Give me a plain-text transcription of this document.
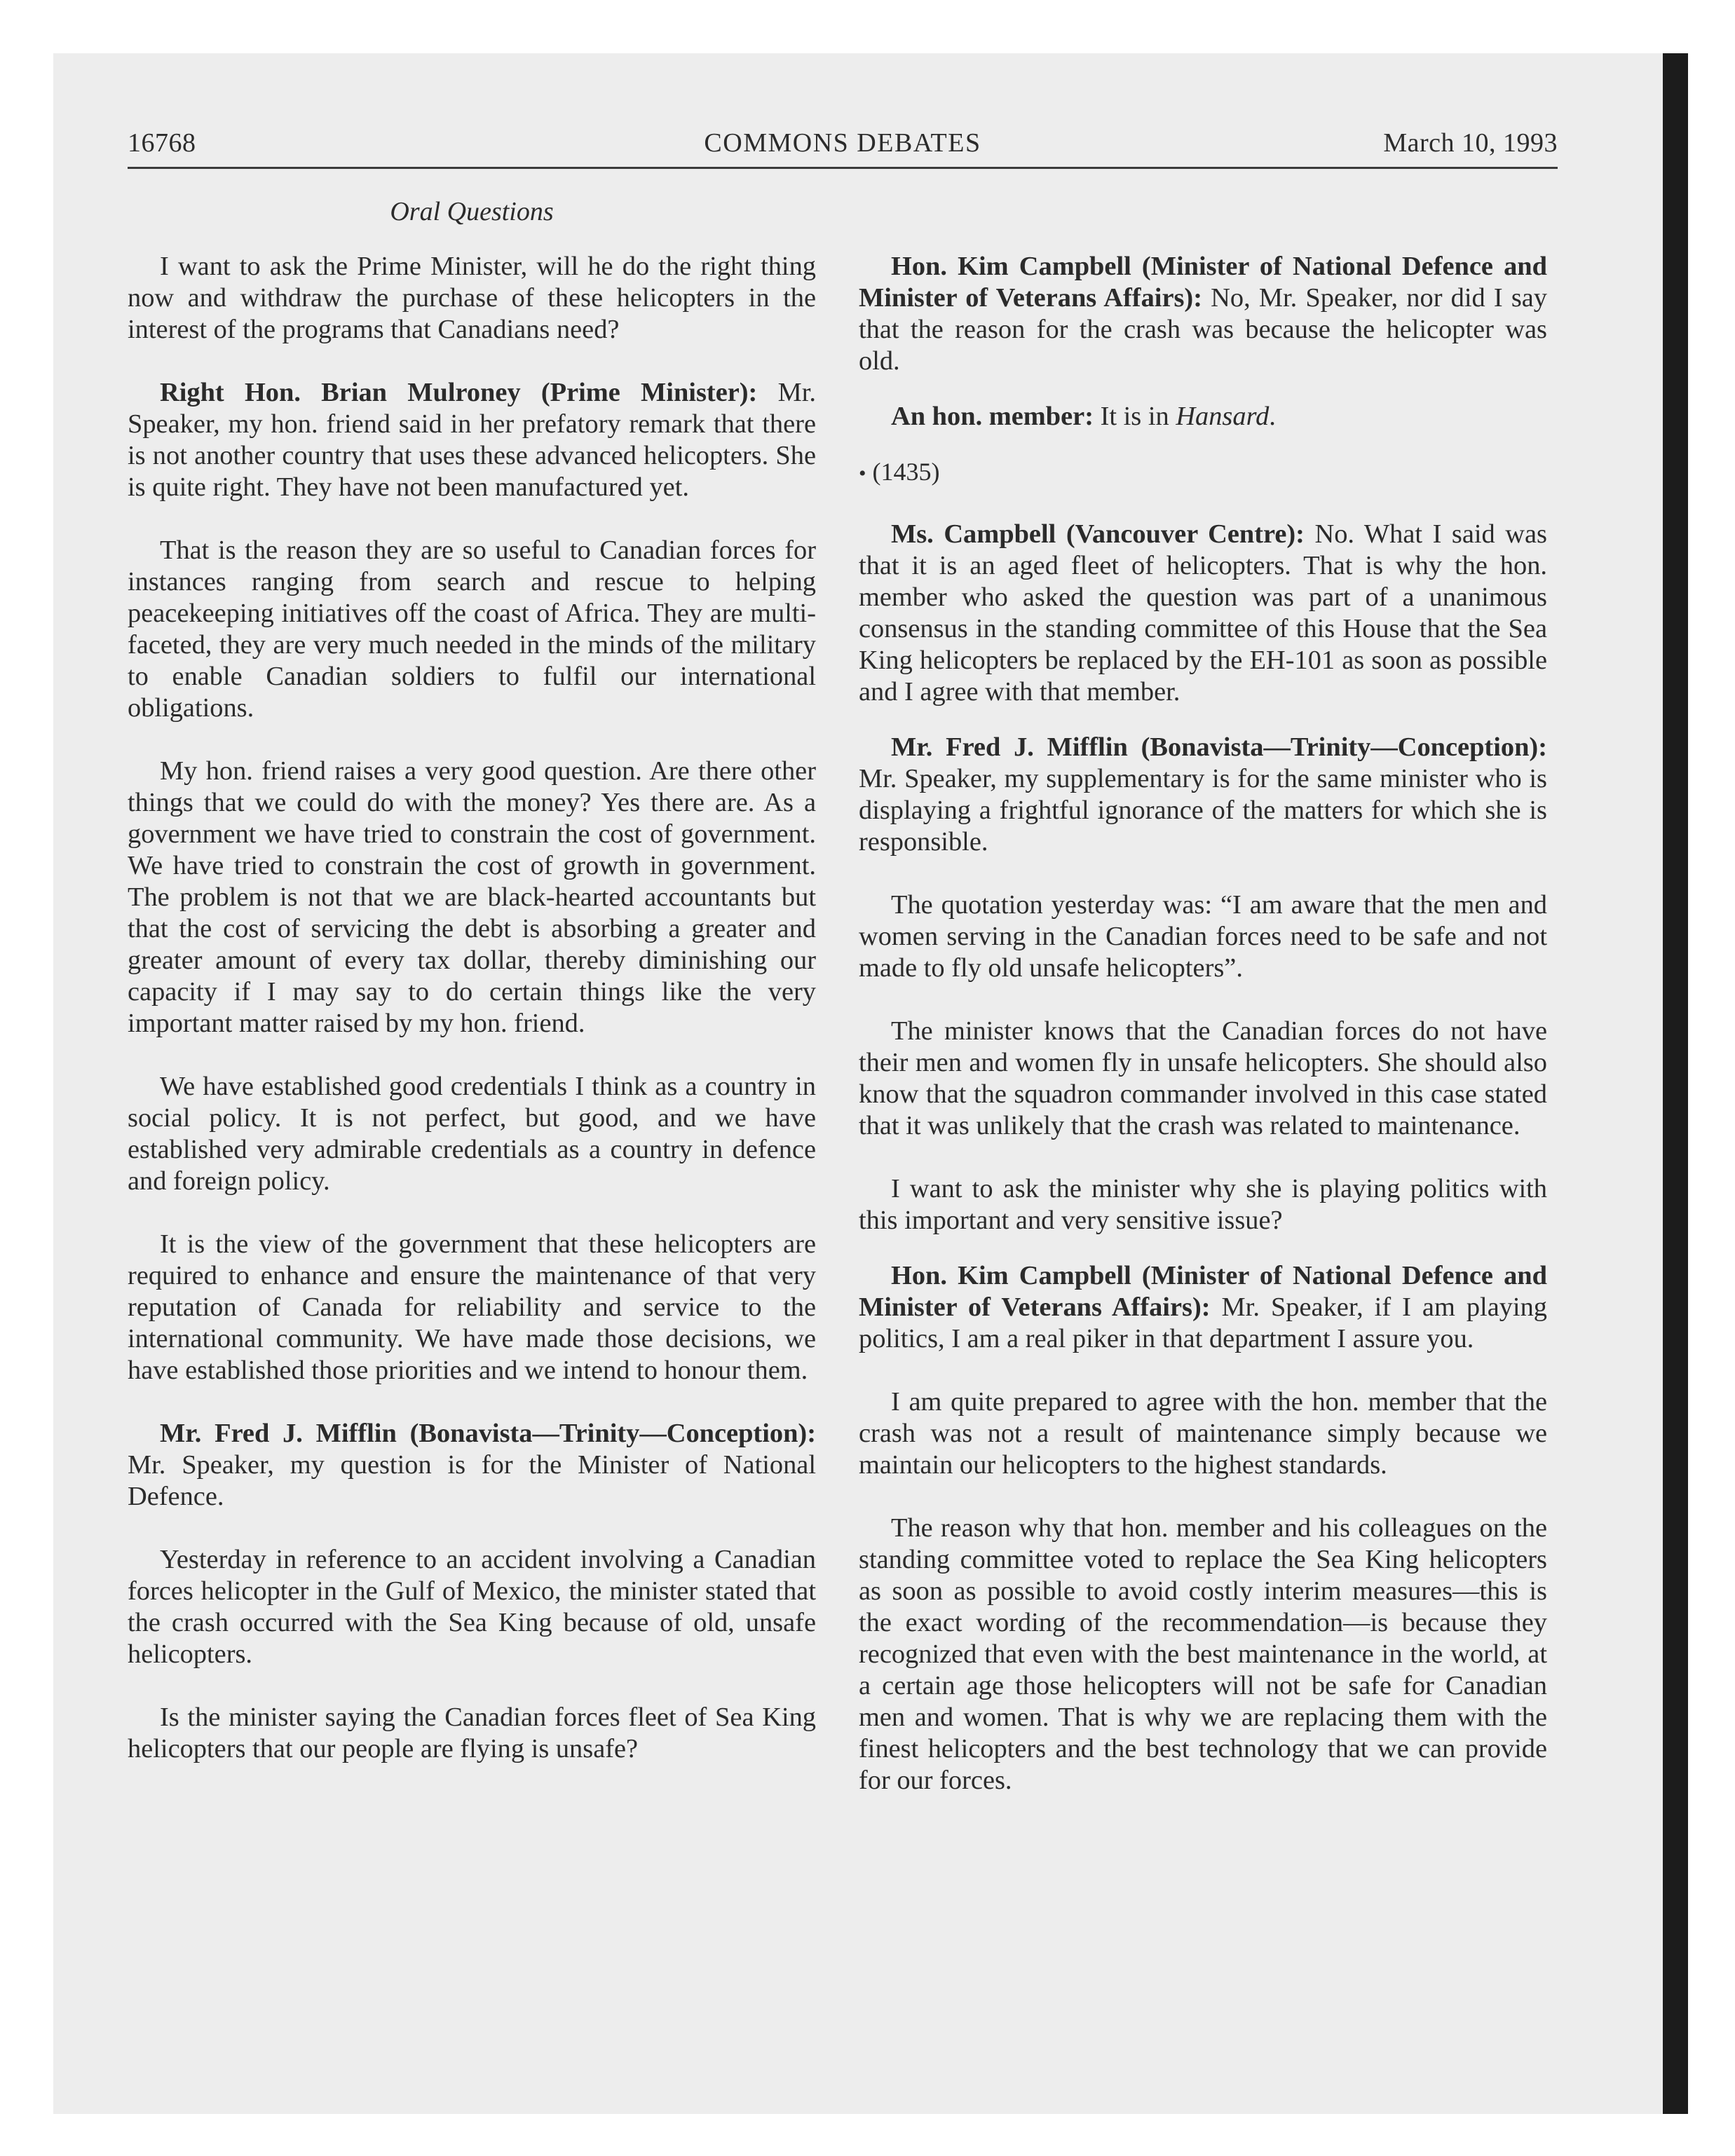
16768	COMMONS DEBATES	March 10, 1993
Oral Questions

I want to ask the Prime Minister, will he do the right thing now and withdraw the purchase of these helicopters in the interest of the programs that Canadians need?

Right Hon. Brian Mulroney (Prime Minister): Mr. Speaker, my hon. friend said in her prefatory remark that there is not another country that uses these advanced helicopters. She is quite right. They have not been manufactured yet.

That is the reason they are so useful to Canadian forces for instances ranging from search and rescue to helping peacekeeping initiatives off the coast of Africa. They are multi-faceted, they are very much needed in the minds of the military to enable Canadian soldiers to fulfil our international obligations.

My hon. friend raises a very good question. Are there other things that we could do with the money? Yes there are. As a government we have tried to constrain the cost of government. We have tried to constrain the cost of growth in government. The problem is not that we are black-hearted accountants but that the cost of servicing the debt is absorbing a greater and greater amount of every tax dollar, thereby diminishing our capacity if I may say to do certain things like the very important matter raised by my hon. friend.

We have established good credentials I think as a country in social policy. It is not perfect, but good, and we have established very admirable credentials as a country in defence and foreign policy.

It is the view of the government that these helicopters are required to enhance and ensure the maintenance of that very reputation of Canada for reliability and service to the international community. We have made those decisions, we have established those priorities and we intend to honour them.

Mr. Fred J. Mifflin (Bonavista—Trinity—Conception): Mr. Speaker, my question is for the Minister of National Defence.

Yesterday in reference to an accident involving a Canadian forces helicopter in the Gulf of Mexico, the minister stated that the crash occurred with the Sea King because of old, unsafe helicopters.

Is the minister saying the Canadian forces fleet of Sea King helicopters that our people are flying is unsafe?

Hon. Kim Campbell (Minister of National Defence and Minister of Veterans Affairs): No, Mr. Speaker, nor did I say that the reason for the crash was because the helicopter was old.

An hon. member: It is in Hansard.

• (1435)

Ms. Campbell (Vancouver Centre): No. What I said was that it is an aged fleet of helicopters. That is why the hon. member who asked the question was part of a unanimous consensus in the standing committee of this House that the Sea King helicopters be replaced by the EH-101 as soon as possible and I agree with that member.

Mr. Fred J. Mifflin (Bonavista—Trinity—Conception): Mr. Speaker, my supplementary is for the same minister who is displaying a frightful ignorance of the matters for which she is responsible.

The quotation yesterday was: “I am aware that the men and women serving in the Canadian forces need to be safe and not made to fly old unsafe helicopters”.

The minister knows that the Canadian forces do not have their men and women fly in unsafe helicopters. She should also know that the squadron commander involved in this case stated that it was unlikely that the crash was related to maintenance.

I want to ask the minister why she is playing politics with this important and very sensitive issue?

Hon. Kim Campbell (Minister of National Defence and Minister of Veterans Affairs): Mr. Speaker, if I am playing politics, I am a real piker in that department I assure you.

I am quite prepared to agree with the hon. member that the crash was not a result of maintenance simply because we maintain our helicopters to the highest standards.

The reason why that hon. member and his colleagues on the standing committee voted to replace the Sea King helicopters as soon as possible to avoid costly interim measures—this is the exact wording of the recommendation—is because they recognized that even with the best maintenance in the world, at a certain age those helicopters will not be safe for Canadian men and women. That is why we are replacing them with the finest helicopters and the best technology that we can provide for our forces.
